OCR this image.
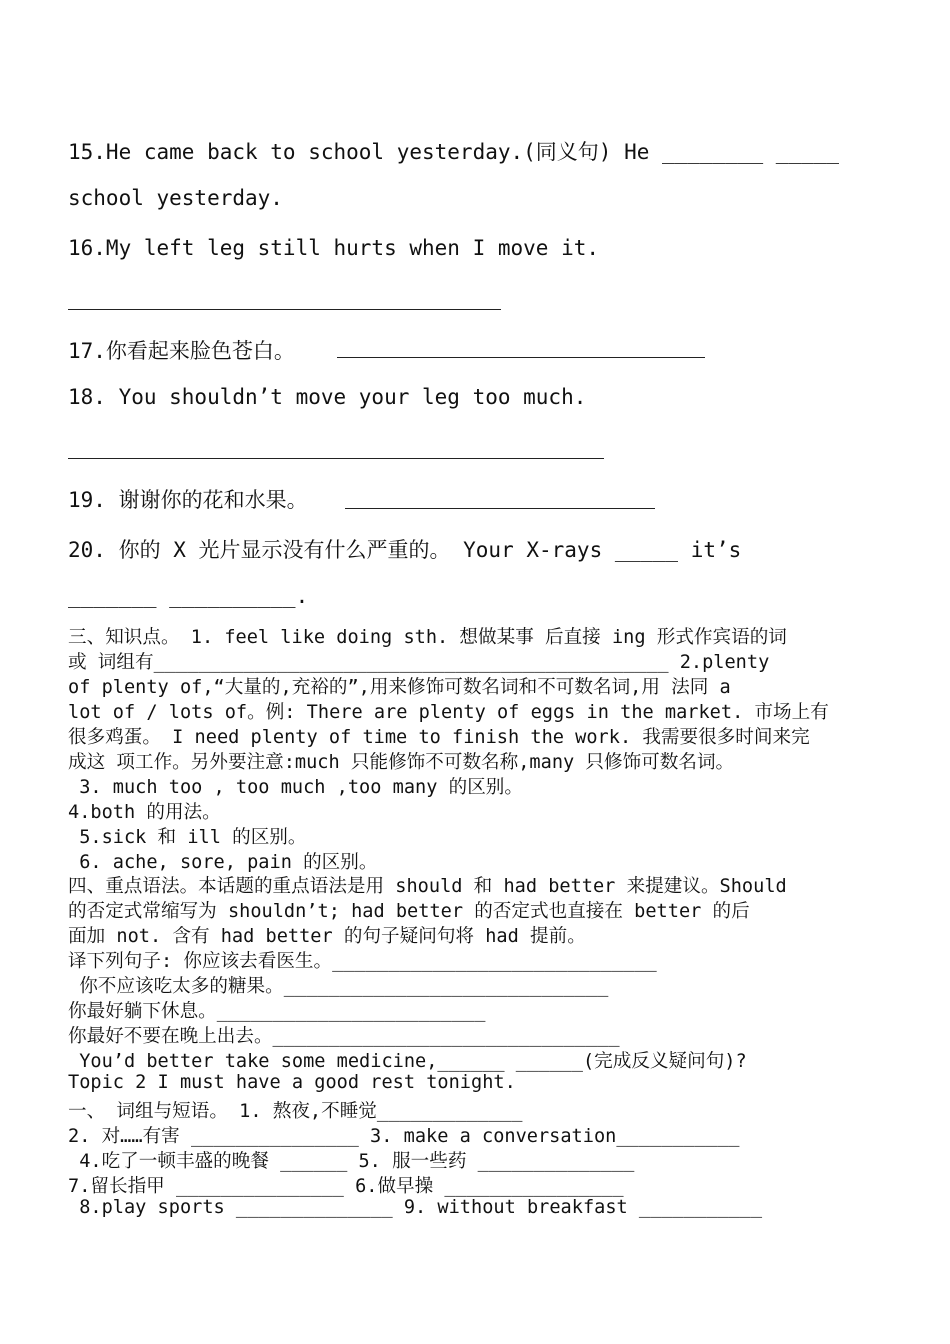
15.He came back to school yesterday.(同义句) He ________ _____
school yesterday.
16.My left leg still hurts when I move it.
17.你看起来脸色苍白。
18. You shouldn’t move your leg too much.
19. 谢谢你的花和水果。
20. 你的 X 光片显示没有什么严重的。 Your X-rays _____ it’s
_______ __________.
三、知识点。 1. feel like doing sth. 想做某事 后直接 ing 形式作宾语的词
或 词组有______________________________________________ 2.plenty
of plenty of,“大量的,充裕的”,用来修饰可数名词和不可数名词,用 法同 a
lot of / lots of。例: There are plenty of eggs in the market. 市场上有
很多鸡蛋。 I need plenty of time to finish the work. 我需要很多时间来完
成这 项工作。另外要注意:much 只能修饰不可数名称,many 只修饰可数名词。
3. much too , too much ,too many 的区别。
4.both 的用法。
5.sick 和 ill 的区别。
6. ache, sore, pain 的区别。
四、重点语法。本话题的重点语法是用 should 和 had better 来提建议。Should
的否定式常缩写为 shouldn’t; had better 的否定式也直接在 better 的后
面加 not. 含有 had better 的句子疑问句将 had 提前。
译下列句子: 你应该去看医生。_____________________________
你不应该吃太多的糖果。_____________________________
你最好躺下休息。________________________
你最好不要在晚上出去。_______________________________
You’d better take some medicine,______ ______(完成反义疑问句)?
Topic 2 I must have a good rest tonight.
一、 词组与短语。 1. 熬夜,不睡觉_____________
2. 对……有害 _______________ 3. make a conversation___________
4.吃了一顿丰盛的晚餐 ______ 5. 服一些药 ______________
7.留长指甲 _______________ 6.做早操 ________________
8.play sports ______________ 9. without breakfast ___________
